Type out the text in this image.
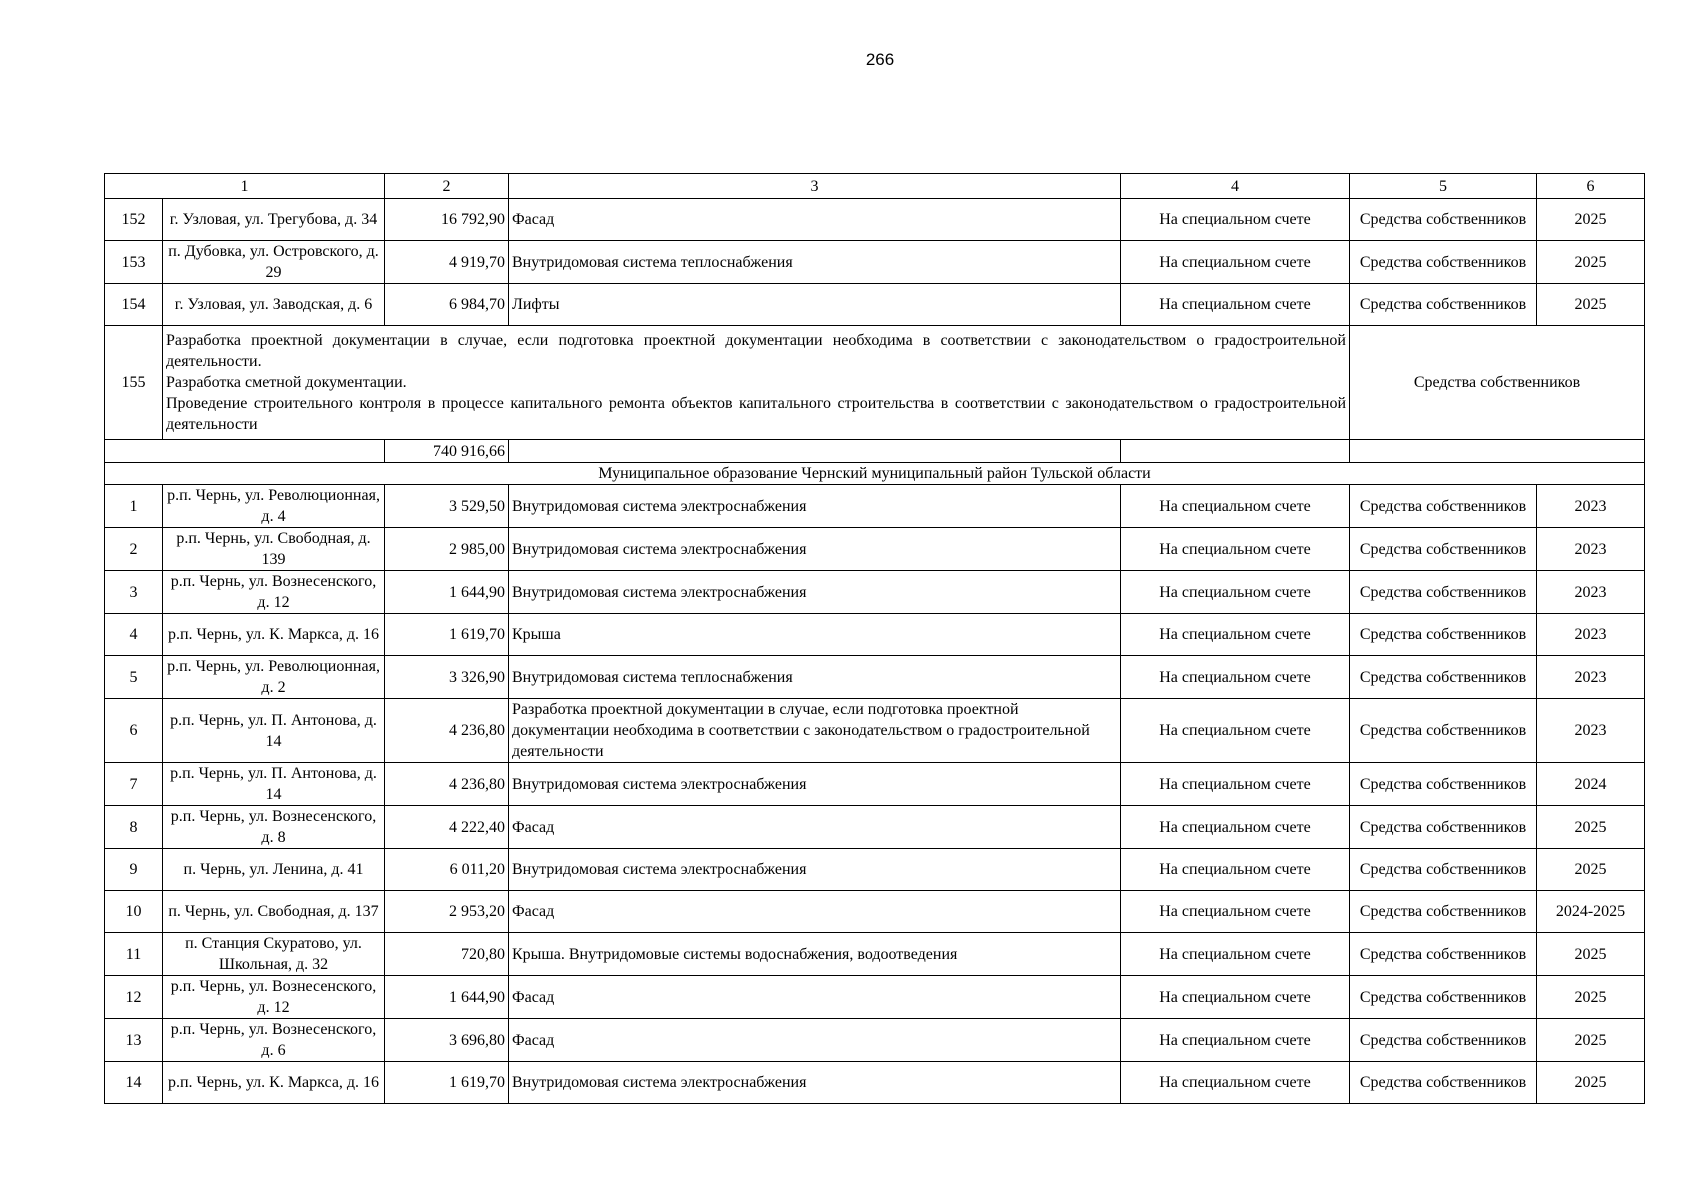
266
1		2	3	4	5	6
152	г. Узловая, ул. Трегубова, д. 34	16 792,90	Фасад	На специальном счете	Средства собственников	2025
153	п. Дубовка, ул. Островского, д. 29	4 919,70	Внутридомовая система теплоснабжения	На специальном счете	Средства собственников	2025
154	г. Узловая, ул. Заводская, д. 6	6 984,70	Лифты	На специальном счете	Средства собственников	2025
155	Разработка проектной документации в случае, если подготовка проектной документации необходима в соответствии с законодательством о градостроительной деятельности.
Разработка сметной документации.
Проведение строительного контроля в процессе капитального ремонта объектов капитального строительства в соответствии с законодательством о градостроительной деятельности				Средства собственников	
		740 916,66				
Муниципальное образование Чернский муниципальный район Тульской области						
1	р.п. Чернь, ул. Революционная, д. 4	3 529,50	Внутридомовая система электроснабжения	На специальном счете	Средства собственников	2023
2	р.п. Чернь, ул. Свободная, д. 139	2 985,00	Внутридомовая система электроснабжения	На специальном счете	Средства собственников	2023
3	р.п. Чернь, ул. Вознесенского, д. 12	1 644,90	Внутридомовая система электроснабжения	На специальном счете	Средства собственников	2023
4	р.п. Чернь, ул. К. Маркса, д. 16	1 619,70	Крыша	На специальном счете	Средства собственников	2023
5	р.п. Чернь, ул. Революционная, д. 2	3 326,90	Внутридомовая система теплоснабжения	На специальном счете	Средства собственников	2023
6	р.п. Чернь, ул. П. Антонова, д. 14	4 236,80	Разработка проектной документации в случае, если подготовка проектной документации необходима в соответствии с законодательством о градостроительной деятельности	На специальном счете	Средства собственников	2023
7	р.п. Чернь, ул. П. Антонова, д. 14	4 236,80	Внутридомовая система электроснабжения	На специальном счете	Средства собственников	2024
8	р.п. Чернь, ул. Вознесенского, д. 8	4 222,40	Фасад	На специальном счете	Средства собственников	2025
9	п. Чернь, ул. Ленина, д. 41	6 011,20	Внутридомовая система электроснабжения	На специальном счете	Средства собственников	2025
10	п. Чернь, ул. Свободная, д. 137	2 953,20	Фасад	На специальном счете	Средства собственников	2024-2025
11	п. Станция Скуратово, ул. Школьная, д. 32	720,80	Крыша. Внутридомовые системы водоснабжения, водоотведения	На специальном счете	Средства собственников	2025
12	р.п. Чернь, ул. Вознесенского, д. 12	1 644,90	Фасад	На специальном счете	Средства собственников	2025
13	р.п. Чернь, ул. Вознесенского, д. 6	3 696,80	Фасад	На специальном счете	Средства собственников	2025
14	р.п. Чернь, ул. К. Маркса, д. 16	1 619,70	Внутридомовая система электроснабжения	На специальном счете	Средства собственников	2025
